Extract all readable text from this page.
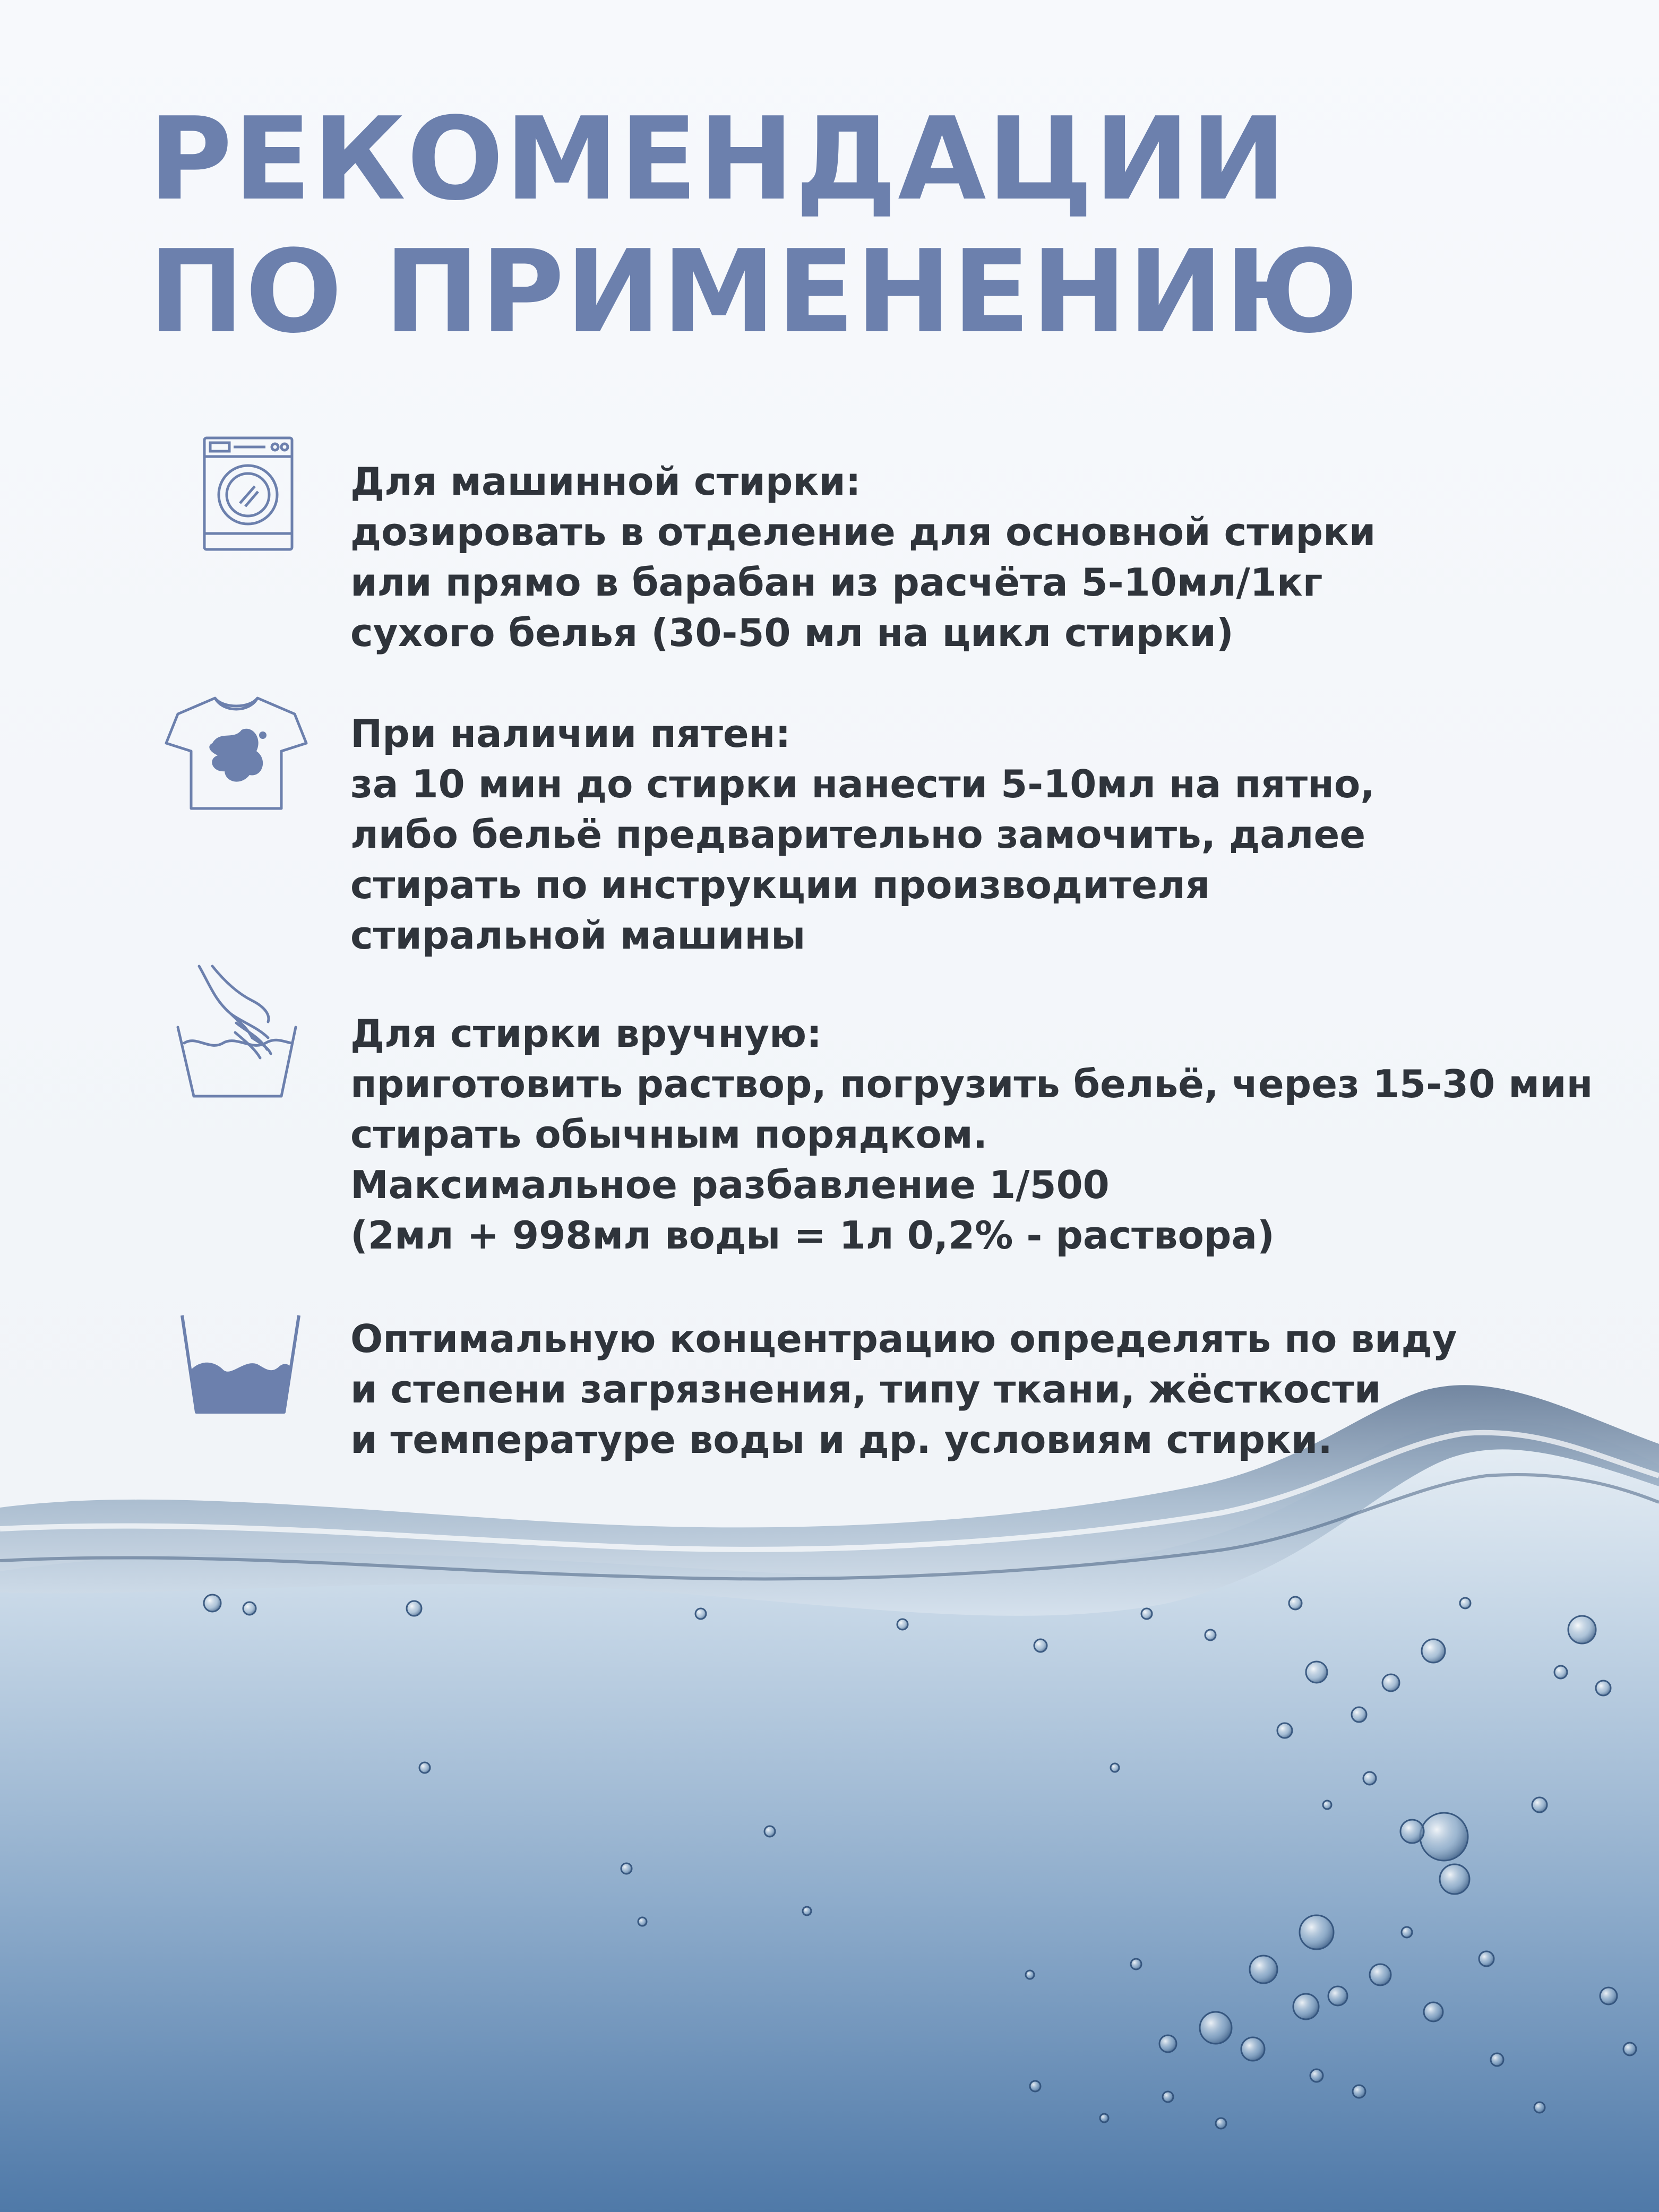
РЕКОМЕНДАЦИИ
ПО ПРИМЕНЕНИЮ

Для машинной стирки:
дозировать в отделение для основной стирки
или прямо в барабан из расчёта 5-10мл/1кг
сухого белья (30-50 мл на цикл стирки)

При наличии пятен:
за 10 мин до стирки нанести 5-10мл на пятно,
либо бельё предварительно замочить, далее
стирать по инструкции производителя
стиральной машины

Для стирки вручную:
приготовить раствор, погрузить бельё, через 15-30 мин
стирать обычным порядком.
Максимальное разбавление 1/500
(2мл + 998мл воды = 1л 0,2% - раствора)

Оптимальную концентрацию определять по виду
и степени загрязнения, типу ткани, жёсткости
и температуре воды и др. условиям стирки.
